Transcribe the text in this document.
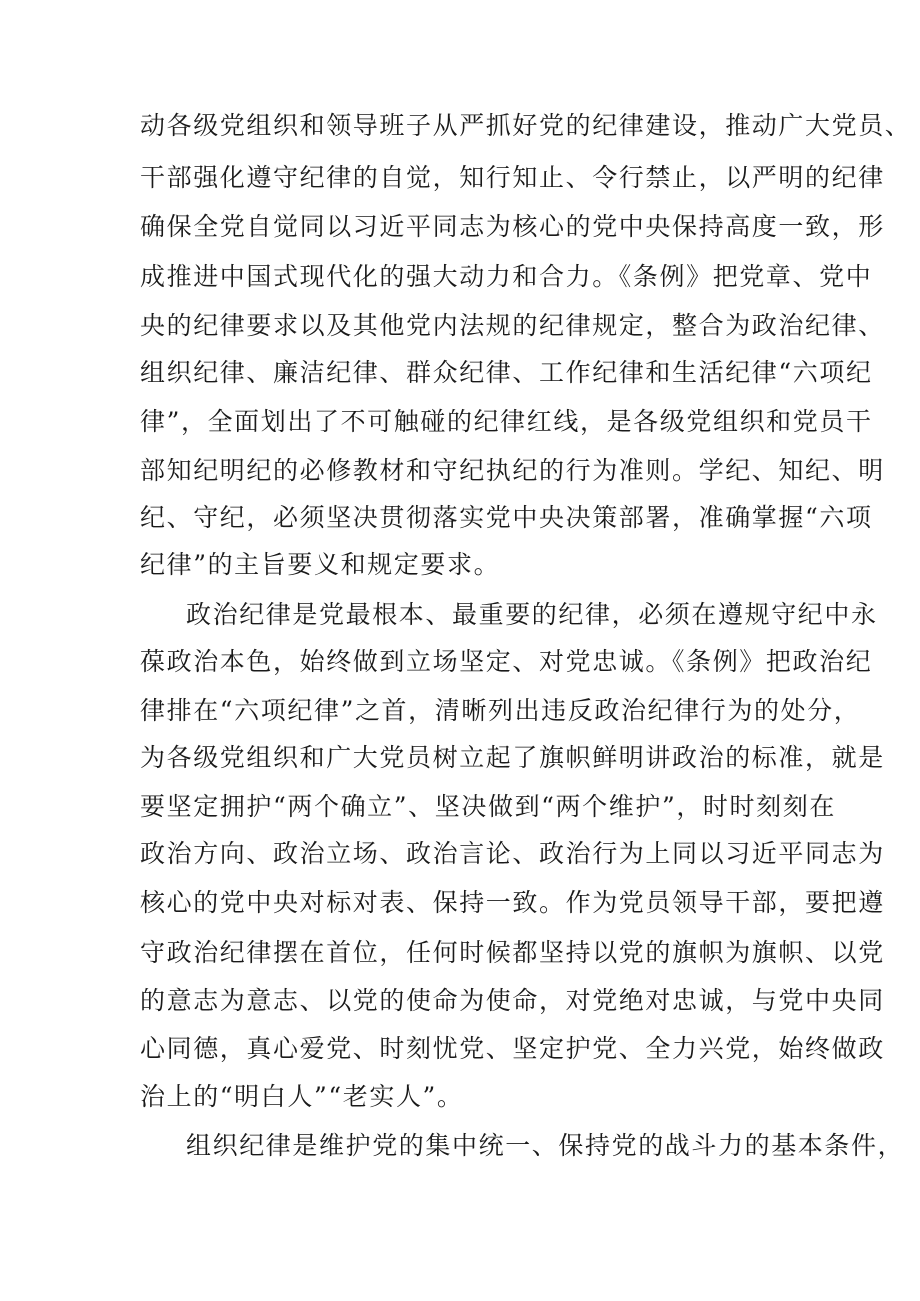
动各级党组织和领导班子从严抓好党的纪律建设，推动广大党员、
干部强化遵守纪律的自觉，知行知止、令行禁止，以严明的纪律
确保全党自觉同以习近平同志为核心的党中央保持高度一致，形
成推进中国式现代化的强大动力和合力。《条例》把党章、党中
央的纪律要求以及其他党内法规的纪律规定，整合为政治纪律、
组织纪律、廉洁纪律、群众纪律、工作纪律和生活纪律“六项纪
律”，全面划出了不可触碰的纪律红线，是各级党组织和党员干
部知纪明纪的必修教材和守纪执纪的行为准则。学纪、知纪、明
纪、守纪，必须坚决贯彻落实党中央决策部署，准确掌握“六项
纪律”的主旨要义和规定要求。
政治纪律是党最根本、最重要的纪律，必须在遵规守纪中永
葆政治本色，始终做到立场坚定、对党忠诚。《条例》把政治纪
律排在“六项纪律”之首，清晰列出违反政治纪律行为的处分，
为各级党组织和广大党员树立起了旗帜鲜明讲政治的标准，就是
要坚定拥护“两个确立”、坚决做到“两个维护”，时时刻刻在
政治方向、政治立场、政治言论、政治行为上同以习近平同志为
核心的党中央对标对表、保持一致。作为党员领导干部，要把遵
守政治纪律摆在首位，任何时候都坚持以党的旗帜为旗帜、以党
的意志为意志、以党的使命为使命，对党绝对忠诚，与党中央同
心同德，真心爱党、时刻忧党、坚定护党、全力兴党，始终做政
治上的“明白人”“老实人”。
组织纪律是维护党的集中统一、保持党的战斗力的基本条件，
